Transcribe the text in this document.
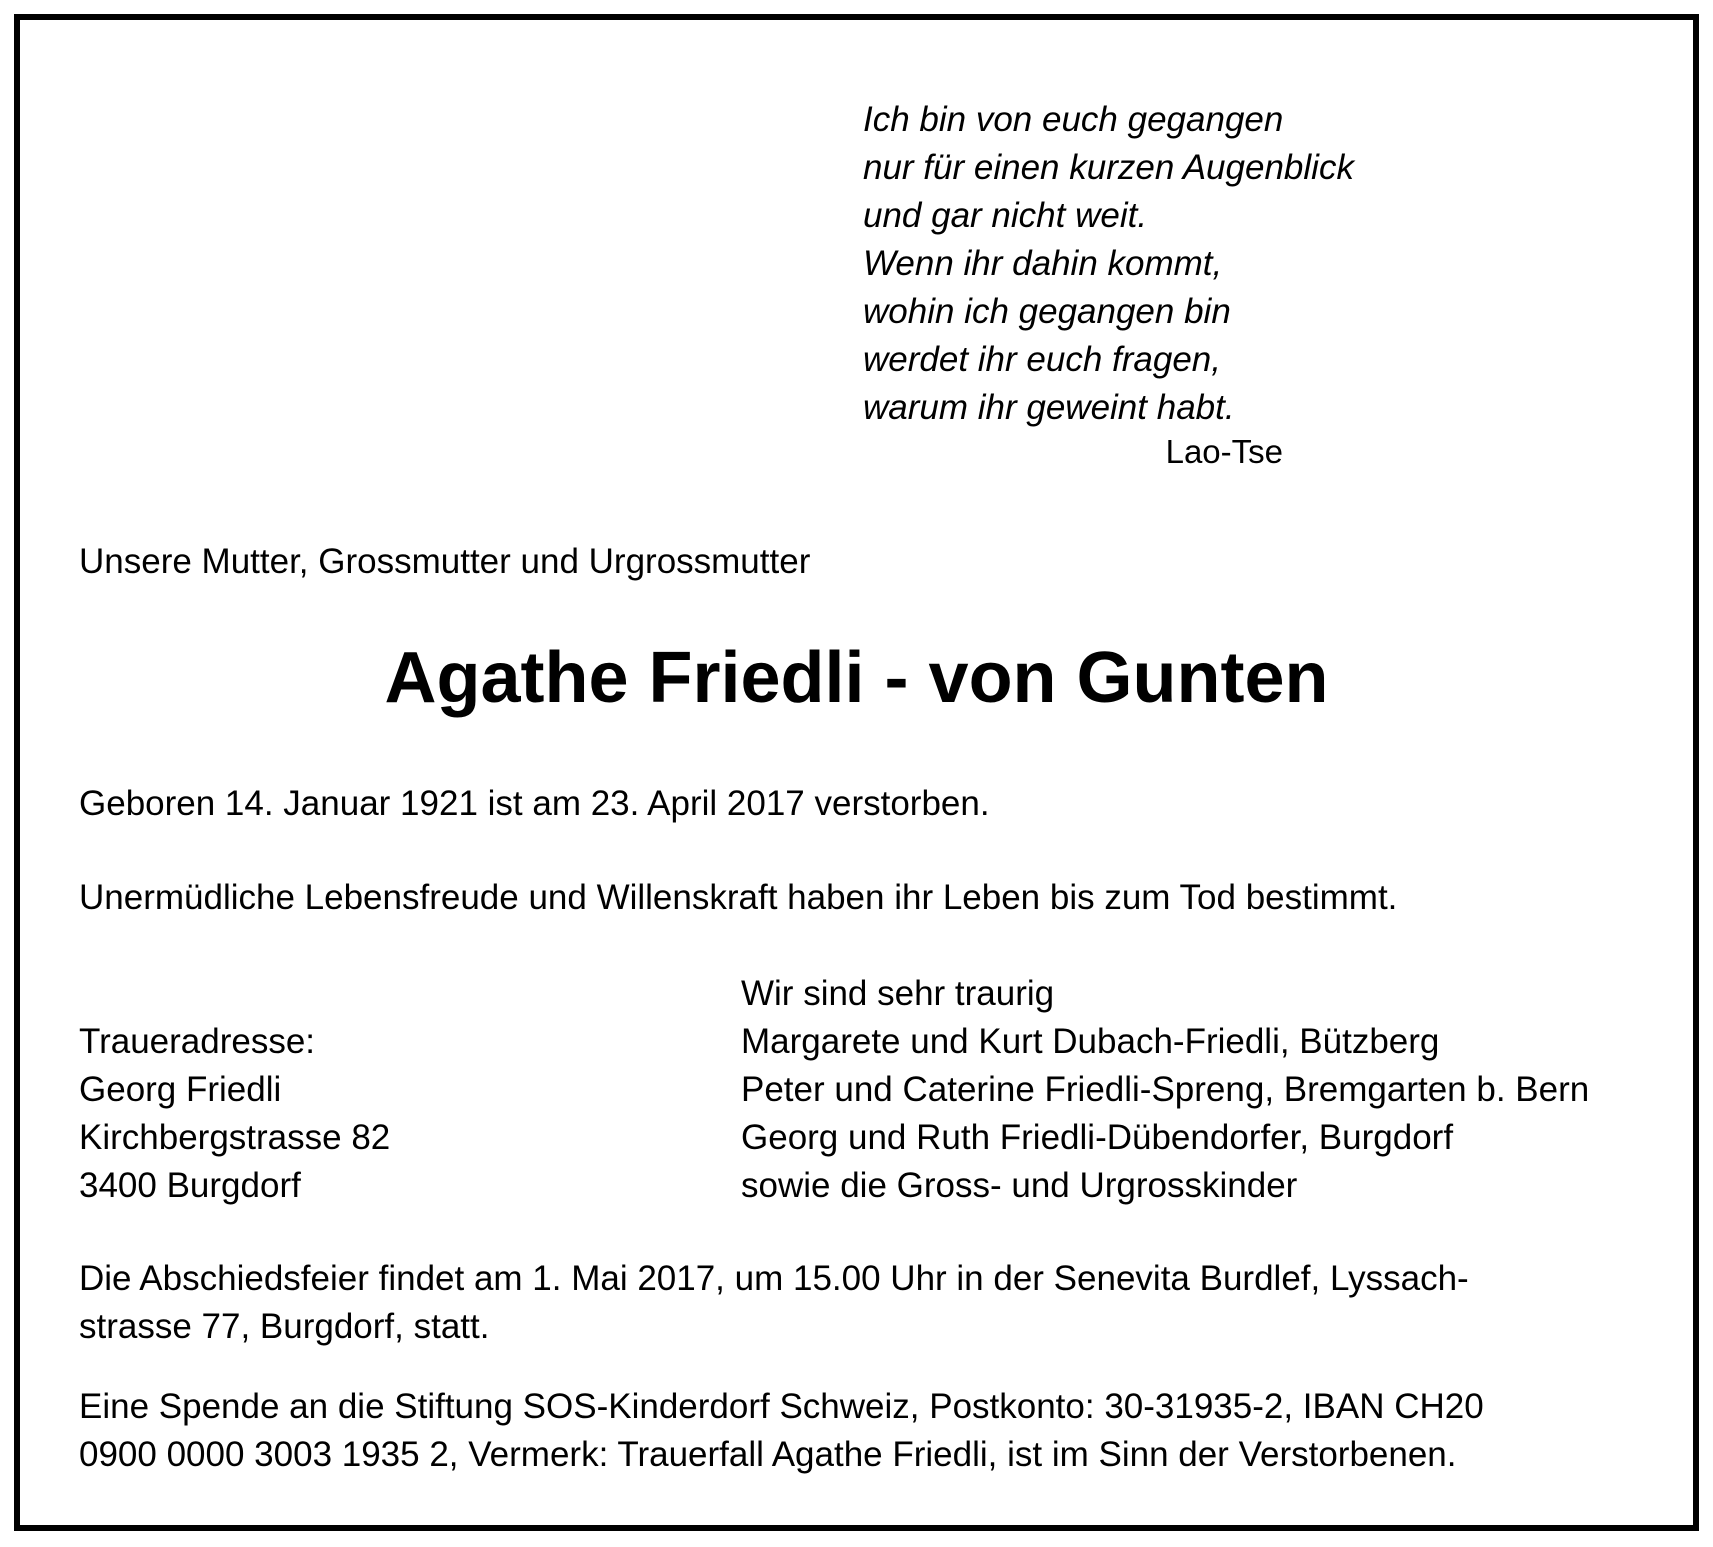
Ich bin von euch gegangen
nur für einen kurzen Augenblick
und gar nicht weit.
Wenn ihr dahin kommt,
wohin ich gegangen bin
werdet ihr euch fragen,
warum ihr geweint habt.
Lao-Tse
Unsere Mutter, Grossmutter und Urgrossmutter
Agathe Friedli - von Gunten
Geboren 14. Januar 1921 ist am 23. April 2017 verstorben.
Unermüdliche Lebensfreude und Willenskraft haben ihr Leben bis zum Tod bestimmt.
Traueradresse:
Georg Friedli
Kirchbergstrasse 82
3400 Burgdorf
Wir sind sehr traurig
Margarete und Kurt Dubach-Friedli, Bützberg
Peter und Caterine Friedli-Spreng, Bremgarten b. Bern
Georg und Ruth Friedli-Dübendorfer, Burgdorf
sowie die Gross- und Urgrosskinder
Die Abschiedsfeier findet am 1. Mai 2017, um 15.00 Uhr in der Senevita Burdlef, Lyssach-
strasse 77, Burgdorf, statt.
Eine Spende an die Stiftung SOS-Kinderdorf Schweiz, Postkonto: 30-31935-2, IBAN CH20
0900 0000 3003 1935 2, Vermerk: Trauerfall Agathe Friedli, ist im Sinn der Verstorbenen.
